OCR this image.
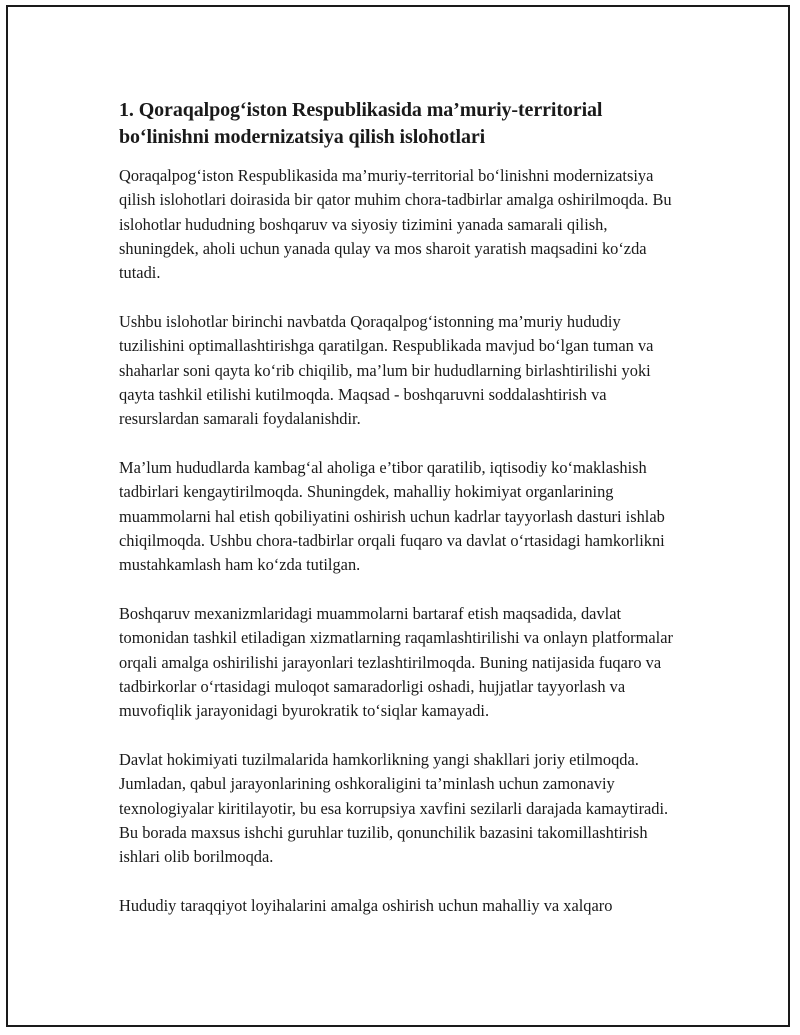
1. Qoraqalpog‘iston Respublikasida ma’muriy-territorial bo‘linishni modernizatsiya qilish islohotlari

Qoraqalpog‘iston Respublikasida ma’muriy-territorial bo‘linishni modernizatsiya qilish islohotlari doirasida bir qator muhim chora-tadbirlar amalga oshirilmoqda. Bu islohotlar hududning boshqaruv va siyosiy tizimini yanada samarali qilish, shuningdek, aholi uchun yanada qulay va mos sharoit yaratish maqsadini ko‘zda tutadi.

Ushbu islohotlar birinchi navbatda Qoraqalpog‘istonning ma’muriy hududiy tuzilishini optimallashtirishga qaratilgan. Respublikada mavjud bo‘lgan tuman va shaharlar soni qayta ko‘rib chiqilib, ma’lum bir hududlarning birlashtirilishi yoki qayta tashkil etilishi kutilmoqda. Maqsad - boshqaruvni soddalashtirish va resurslardan samarali foydalanishdir.

Ma’lum hududlarda kambag‘al aholiga e’tibor qaratilib, iqtisodiy ko‘maklashish tadbirlari kengaytirilmoqda. Shuningdek, mahalliy hokimiyat organlarining muammolarni hal etish qobiliyatini oshirish uchun kadrlar tayyorlash dasturi ishlab chiqilmoqda. Ushbu chora-tadbirlar orqali fuqaro va davlat o‘rtasidagi hamkorlikni mustahkamlash ham ko‘zda tutilgan.

Boshqaruv mexanizmlaridagi muammolarni bartaraf etish maqsadida, davlat tomonidan tashkil etiladigan xizmatlarning raqamlashtirilishi va onlayn platformalar orqali amalga oshirilishi jarayonlari tezlashtirilmoqda. Buning natijasida fuqaro va tadbirkorlar o‘rtasidagi muloqot samaradorligi oshadi, hujjatlar tayyorlash va muvofiqlik jarayonidagi byurokratik to‘siqlar kamayadi.

Davlat hokimiyati tuzilmalarida hamkorlikning yangi shakllari joriy etilmoqda. Jumladan, qabul jarayonlarining oshkoraligini ta’minlash uchun zamonaviy texnologiyalar kiritilayotir, bu esa korrupsiya xavfini sezilarli darajada kamaytiradi. Bu borada maxsus ishchi guruhlar tuzilib, qonunchilik bazasini takomillashtirish ishlari olib borilmoqda.

Hududiy taraqqiyot loyihalarini amalga oshirish uchun mahalliy va xalqaro
